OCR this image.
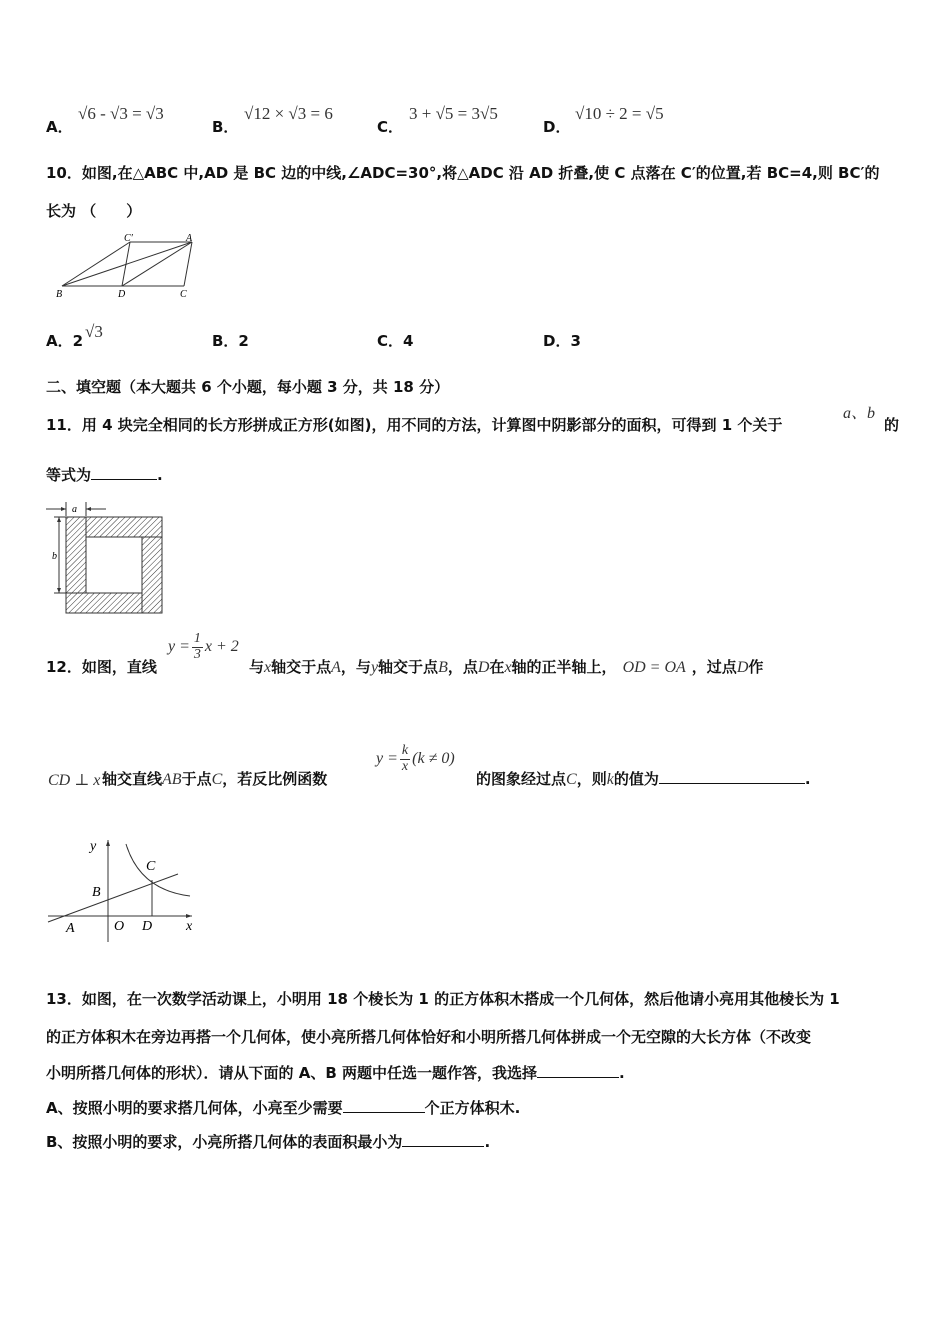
A．
√6 - √3 = √3
B．
√12 × √3 = 6
C．
3 + √5 = 3√5
D．
√10 ÷ 2 = √5
10．如图,在△ABC 中,AD 是 BC 边的中线,∠ADC=30°,将△ADC 沿 AD 折叠,使 C 点落在 C′的位置,若 BC=4,则 BC′的
长为 （　　）
C′	A
B	D	C
A．2 √3	B．2	C．4	D．3
二、填空题（本大题共 6 个小题，每小题 3 分，共 18 分）
11．用 4 块完全相同的长方形拼成正方形(如图)，用不同的方法，计算图中阴影部分的面积，可得到 1 个关于
a、b
的
等式为	.
a
b
12．如图，直线
$y = \frac{1}{3}$ x + 2
与x轴交于点A，与y轴交于点B，点D在x轴的正半轴上， OD = OA ，过点D作
CD ⊥ x 轴交直线AB于点C，若反比例函数
$y = \frac{k}{x} (k \ne 0)$
的图象经过点C，则k的值为	.
y
C
B
A	O D x
13．如图，在一次数学活动课上，小明用 18 个棱长为 1 的正方体积木搭成一个几何体，然后他请小亮用其他棱长为 1
的正方体积木在旁边再搭一个几何体，使小亮所搭几何体恰好和小明所搭几何体拼成一个无空隙的大长方体（不改变
小明所搭几何体的形状）．请从下面的 A、B 两题中任选一题作答，我选择	.
A、按照小明的要求搭几何体，小亮至少需要	个正方体积木.
B、按照小明的要求，小亮所搭几何体的表面积最小为	.
